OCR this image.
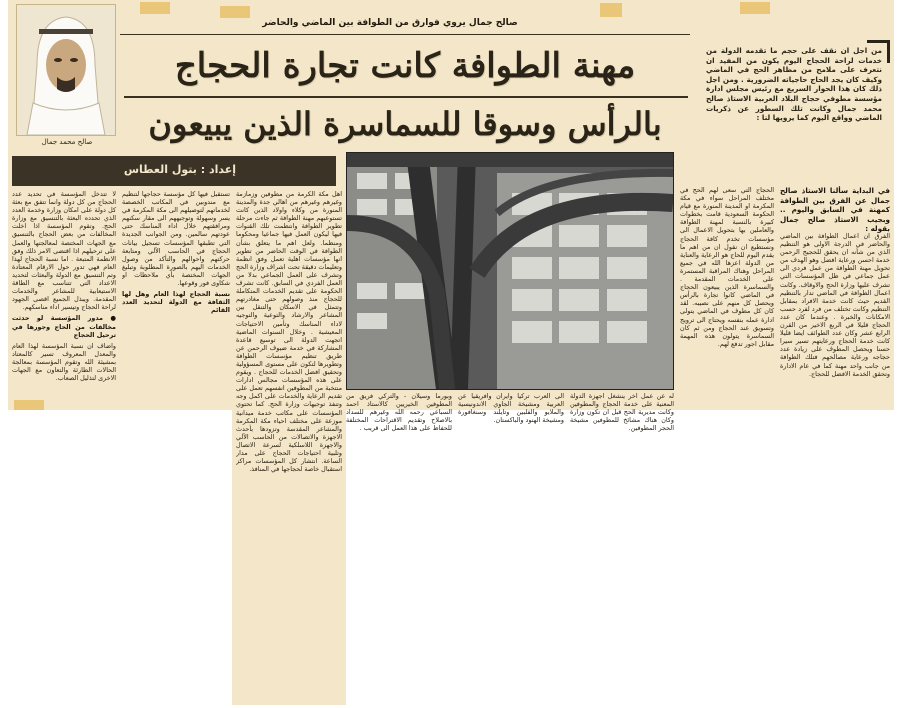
صالح محمد جمال
صالح جمال يروي فوارق من الطوافة بين الماضي والحاضر
مهنة الطوافة كانت تجارة الحجاج
بالرأس وسوقا للسماسرة الذين يبيعون
من اجل ان نقف على حجم ما تقدمه الدولة من خدمات لراحة الحجاج اليوم يكون من المفيد ان نتعرف على ملامح من مظاهر الحج في الماضي وكيف كان يجد الحاج حاجياته الضرورية . ومن اجل ذلك كان هذا الحوار السريع مع رئيس مجلس ادارة مؤسسة مطوفي حجاج البلاد العربية الاستاذ صالح محمد جمال وكانت تلك السطور عن ذكريات الماضي وواقع اليوم كما يرويها لنا :
في البداية سألنا الاستاذ صالح جمال عن الفرق بين الطوافة كمهنة في السابق واليوم .. وبجيب الاستاذ صالح جمال بقوله :
إعداد : بتول العطاس
الفرق ان اعمال الطوافة بين الماضي والحاضر في الدرجة الاولى هو التنظيم الذي من شأنه ان يحقق للحجيج الرحمن خدمة احسن ورعاية افضل وهو الهدف من تحويل مهنة الطوافة من عمل فردي الى عمل جماعي في ظل المؤسسات التي تشرف عليها وزارة الحج والاوقاف. وكانت اعمال الطوافة في الماضي تدار بالتنظيم القديم حيث كانت خدمة الافراد بمقابل التنظيم وكانت تختلف من فرد لفرد حسب الامكانات والخبرة . وعندما كان عدد الحجاج قليلا في الربع الاخير من القرن الرابع عشر وكان عدد الطوائف ايضا قليلا كانت خدمة الحجاج ورعايتهم تسير سيرا حسنا ويحصل المطوف على زيادة عدد حجاجه ورعاية مصالحهم فتلك الطوافة من جانب واحد مهنة كما في عام الادارة وتحقق الخدمة الافضل للحجاج.
الحجاج التي سعى لهم الحج في مختلف المراحل سواء في مكة المكرمة او المدينة المنورة مع قيام الحكومة السعودية قامت بخطوات كبيرة بالنسبة لمهنة الطوافة والعاملين بها بتحويل الاعمال الى مؤسسات تخدم كافة الحجاج ونستطيع ان نقول ان من اهم ما يقدم اليوم للحاج هو الرعاية والعناية من الدولة اعزها الله في جميع المراحل وهناك المراقبة المستمرة على الخدمات المقدمة . والسماسرة الذين يبيعون الحجاج في الماضي كانوا تجارة بالرأس ويحصل كل منهم على نصيبه. لقد كان كل مطوف في الماضي يتولى ادارة عمله بنفسه ويحتاج الى ترويج وتسويق عند الحجاج ومن ثم كان السماسرة يتولون هذه المهمة مقابل اجور تدفع لهم.
له عن عمل اخر ينشغل اجهزة الدولة المعنية على خدمة الحجاج والمطوفين وكانت مديرية الحج قبل ان تكون وزارة وكان هناك مشائخ للمطوفين مشيخة الحجر المطوفين.
الى العرب تركيا وايران وافريقيا عن العربية ومشيخة الجاوي الاندونيسية والملايو والفلبين وتايلند وسنغافورة ومشيخة الهنود والباكستان.
وبورما وسيلان - والتركي فريق من المطوفين الخيريين كالاستاذ احمد السباعي رحمه الله وغيرهم للسداد بالاصلاح وتقديم الاقتراحات المختلفة للحفاظ على هذا العمل الى قريب .
اهل مكة الكرمة من مطوفين وزمازمة وغيرهم وغيرهم من اهالي جدة والمدينة المنورة من وكلاء واولاد الذين كانت تستوعبهم مهنة الطوافة ثم جاءت مرحلة تطوير الطوافة وانتظمت تلك القنوات فيها ليكون العمل فيها جماعيا ومحكوما ومنظما. ولعل اهم ما يتعلق بشأن الطوافة في الوقت الحاضر من تطوير انها مؤسسات اهلية تعمل وفق انظمة وتعليمات دقيقة تحت اشراف وزارة الحج وتشرف على العمل الجماعي بدلا من العمل الفردي في السابق. كانت تشرف الحكومة على تقديم الخدمات المتكاملة للحجاج منذ وصولهم حتى مغادرتهم وتتمثل في الاسكان والتنقل بين المشاعر والارشاد والتوعية والتوجيه لاداء المناسك وتأمين الاحتياجات المعيشية . وخلال السنوات الماضية اتجهت الدولة الى توسيع قاعدة المشاركة في خدمة ضيوف الرحمن عن طريق تنظيم مؤسسات الطوافة وتطويرها لتكون على مستوى المسؤولية وتحقيق افضل الخدمات للحجاج . ويقوم على هذه المؤسسات مجالس ادارات منتخبة من المطوفين انفسهم تعمل على تقديم الرعاية والخدمات على اكمل وجه وتنفذ توجيهات وزارة الحج. كما تحتوي المؤسسات على مكاتب خدمة ميدانية موزعة على مختلف احياء مكة المكرمة والمشاعر المقدسة وتزودها بأحدث الاجهزة والاتصالات من الحاسب الآلي والاجهزة اللاسلكية لسرعة الاتصال وتلبية احتياجات الحجاج على مدار الساعة. انتشار كل المؤسسات مراكز استقبال خاصة لحجاجها في المنافذ.

تستقبل فيها كل مؤسسة حجاجها لتنظيم مع مندوبين في المكاتب الخصصة لخدماتهم لتوصيلهم الى مكة المكرمة في يسر وسهولة وتوجيههم الى مقار سكنهم ومرافقتهم خلال اداء المناسك حتى عودتهم سالمين. ومن الجوانب الجديدة التي تطبقها المؤسسات تسجيل بيانات الحجاج في الحاسب الآلي ومتابعة حركتهم واحوالهم والتأكد من وصول الخدمات اليهم بالصورة المطلوبة وتبليغ الجهات المختصة بأي ملاحظات او شكاوى فور وقوعها.

نسبة الحجاج لهذا العام وهل لها الثقافة مع الدولة لتحديد العدد القائم

لا تتدخل المؤسسة في تحديد عدد الحجاج من كل دولة وانما تتفق مع بعثة كل دولة على امكان وزارة وخدمة العدد الذي تحدده البعثة بالتنسيق مع وزارة الحج. وتقوم المؤسسة اذا اخلت المخالفات من بعض الحجاج بالتنسيق مع الجهات المختصة لمعالجتها والعمل على ترحيلهم اذا اقتضى الامر ذلك وفق الانظمة المتبعة . اما نسبة الحجاج لهذا العام فهي تدور حول الارقام المعتادة وتم التنسيق مع الدولة والبعثات لتحديد الاعداد التي تتناسب مع الطاقة الاستيعابية للمشاعر والخدمات المقدمة. ويبذل الجميع اقصى الجهود لراحة الحجاج وتيسير اداء مناسكهم.

● مدور المؤسسة لو حدثت مخالفات من الحاج وجورها في ترحيل الحجاج

واضاف ان نسبة المؤسسة لهذا العام والمعدل المعروف تسير كالمعتاد بمشيئة الله وتقوم المؤسسة بمعالجة الحالات الطارئة والتعاون مع الجهات الاخرى لتذليل الصعاب.
